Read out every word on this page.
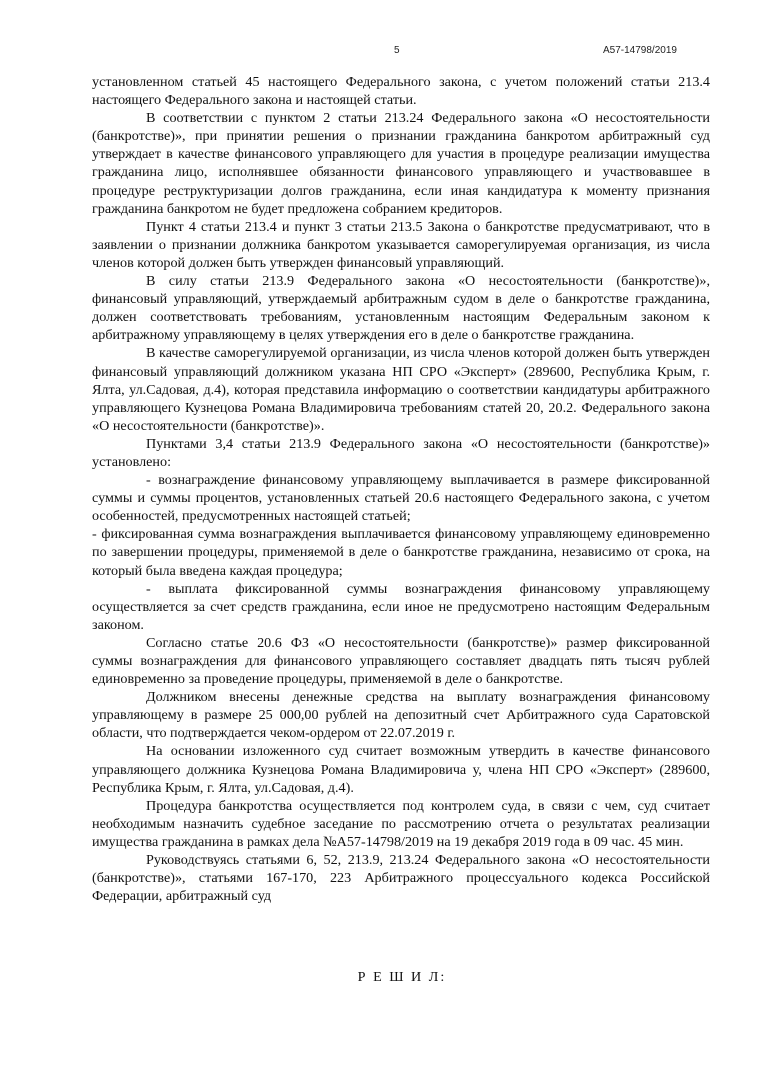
5	А57-14798/2019

установленном статьей 45 настоящего Федерального закона, с учетом положений статьи 213.4 настоящего Федерального закона и настоящей статьи.

В соответствии с пунктом 2 статьи 213.24 Федерального закона «О несостоятельности (банкротстве)», при принятии решения о признании гражданина банкротом арбитражный суд утверждает в качестве финансового управляющего для участия в процедуре реализации имущества гражданина лицо, исполнявшее обязанности финансового управляющего и участвовавшее в процедуре реструктуризации долгов гражданина, если иная кандидатура к моменту признания гражданина банкротом не будет предложена собранием кредиторов.

Пункт 4 статьи 213.4 и пункт 3 статьи 213.5 Закона о банкротстве предусматривают, что в заявлении о признании должника банкротом указывается саморегулируемая организация, из числа членов которой должен быть утвержден финансовый управляющий.

В силу статьи 213.9 Федерального закона «О несостоятельности (банкротстве)», финансовый управляющий, утверждаемый арбитражным судом в деле о банкротстве гражданина, должен соответствовать требованиям, установленным настоящим Федеральным законом к арбитражному управляющему в целях утверждения его в деле о банкротстве гражданина.

В качестве саморегулируемой организации, из числа членов которой должен быть утвержден финансовый управляющий должником указана НП СРО «Эксперт» (289600, Республика Крым, г. Ялта, ул.Садовая, д.4), которая представила информацию о соответствии кандидатуры арбитражного управляющего Кузнецова Романа Владимировича требованиям статей 20, 20.2. Федерального закона «О несостоятельности (банкротстве)».

Пунктами 3,4 статьи 213.9 Федерального закона «О несостоятельности (банкротстве)» установлено:

- вознаграждение финансовому управляющему выплачивается в размере фиксированной суммы и суммы процентов, установленных статьей 20.6 настоящего Федерального закона, с учетом особенностей, предусмотренных настоящей статьей;

- фиксированная сумма вознаграждения выплачивается финансовому управляющему единовременно по завершении процедуры, применяемой в деле о банкротстве гражданина, независимо от срока, на который была введена каждая процедура;

- выплата фиксированной суммы вознаграждения финансовому управляющему осуществляется за счет средств гражданина, если иное не предусмотрено настоящим Федеральным законом.

Согласно статье 20.6 ФЗ «О несостоятельности (банкротстве)» размер фиксированной суммы вознаграждения для финансового управляющего составляет двадцать пять тысяч рублей единовременно за проведение процедуры, применяемой в деле о банкротстве.

Должником внесены денежные средства на выплату вознаграждения финансовому управляющему в размере 25 000,00 рублей на депозитный счет Арбитражного суда Саратовской области, что подтверждается чеком-ордером от 22.07.2019 г.

На основании изложенного суд считает возможным утвердить в качестве финансового управляющего должника Кузнецова Романа Владимировича у, члена НП СРО «Эксперт» (289600, Республика Крым, г. Ялта, ул.Садовая, д.4).

Процедура банкротства осуществляется под контролем суда, в связи с чем, суд считает необходимым назначить судебное заседание по рассмотрению отчета о результатах реализации имущества гражданина в рамках дела №А57-14798/2019 на 19 декабря 2019 года в 09 час. 45 мин.

Руководствуясь статьями 6, 52, 213.9, 213.24 Федерального закона «О несостоятельности (банкротстве)», статьями 167-170, 223 Арбитражного процессуального кодекса Российской Федерации, арбитражный суд

Р Е Ш И Л:
